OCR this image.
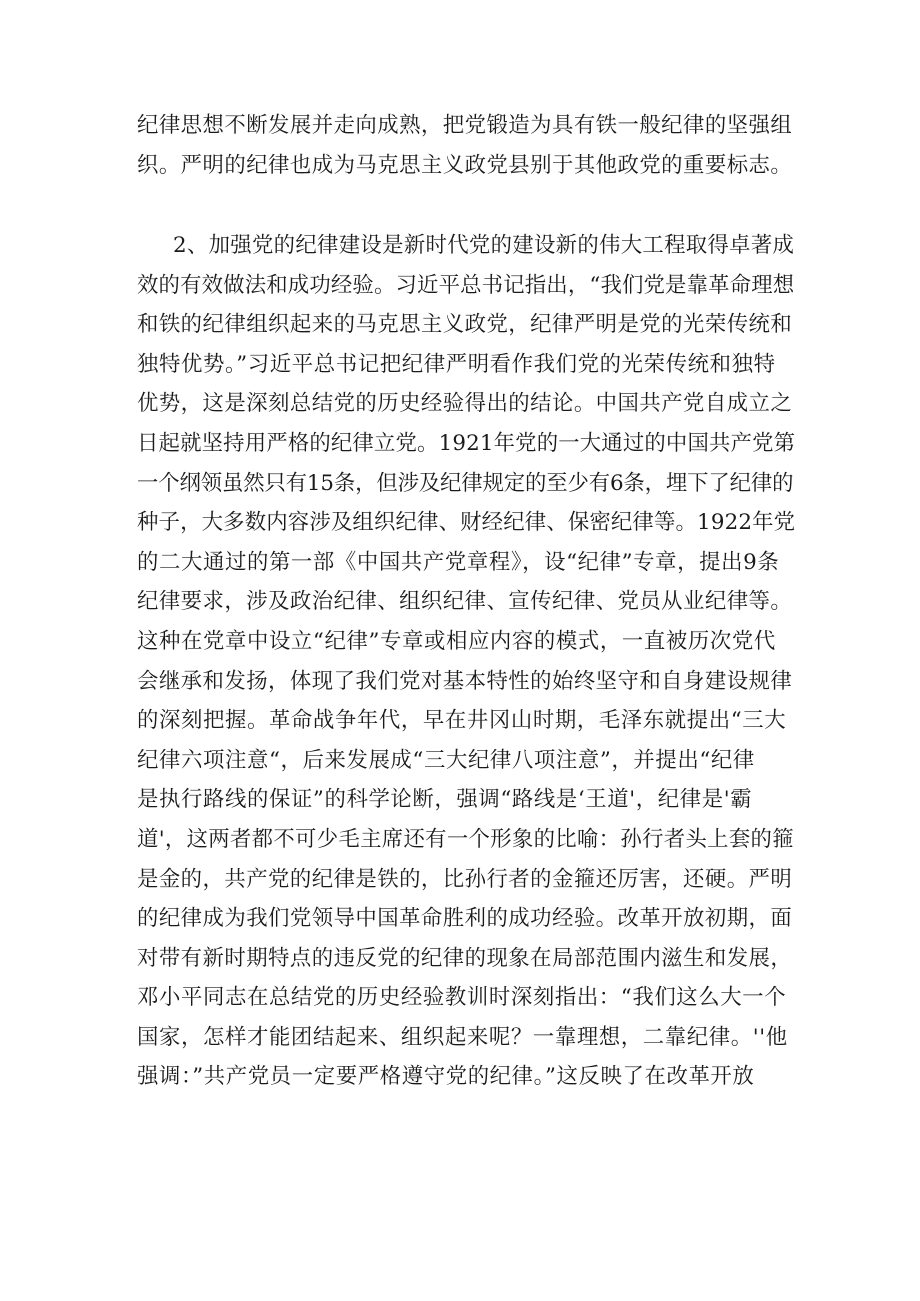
纪律思想不断发展并走向成熟，把党锻造为具有铁一般纪律的坚强组
织。严明的纪律也成为马克思主义政党县别于其他政党的重要标志。
2、加强党的纪律建设是新时代党的建设新的伟大工程取得卓著成
效的有效做法和成功经验。习近平总书记指出，“我们党是靠革命理想
和铁的纪律组织起来的马克思主义政党，纪律严明是党的光荣传统和
独特优势。”习近平总书记把纪律严明看作我们党的光荣传统和独特
优势，这是深刻总结党的历史经验得出的结论。中国共产党自成立之
日起就坚持用严格的纪律立党。1921年党的一大通过的中国共产党第
一个纲领虽然只有15条，但涉及纪律规定的至少有6条，埋下了纪律的
种子，大多数内容涉及组织纪律、财经纪律、保密纪律等。1922年党
的二大通过的第一部《中国共产党章程》，设“纪律”专章，提出9条
纪律要求，涉及政治纪律、组织纪律、宣传纪律、党员从业纪律等。
这种在党章中设立“纪律”专章或相应内容的模式，一直被历次党代
会继承和发扬，体现了我们党对基本特性的始终坚守和自身建设规律
的深刻把握。革命战争年代，早在井冈山时期，毛泽东就提出“三大
纪律六项注意“，后来发展成“三大纪律八项注意”，并提出“纪律
是执行路线的保证”的科学论断，强调“路线是‘王道'，纪律是'霸
道'，这两者都不可少毛主席还有一个形象的比喻：孙行者头上套的箍
是金的，共产党的纪律是铁的，比孙行者的金箍还厉害，还硬。严明
的纪律成为我们党领导中国革命胜利的成功经验。改革开放初期，面
对带有新时期特点的违反党的纪律的现象在局部范围内滋生和发展，
邓小平同志在总结党的历史经验教训时深刻指出：“我们这么大一个
国家，怎样才能团结起来、组织起来呢？一靠理想，二靠纪律。''他
强调：”共产党员一定要严格遵守党的纪律。”这反映了在改革开放
